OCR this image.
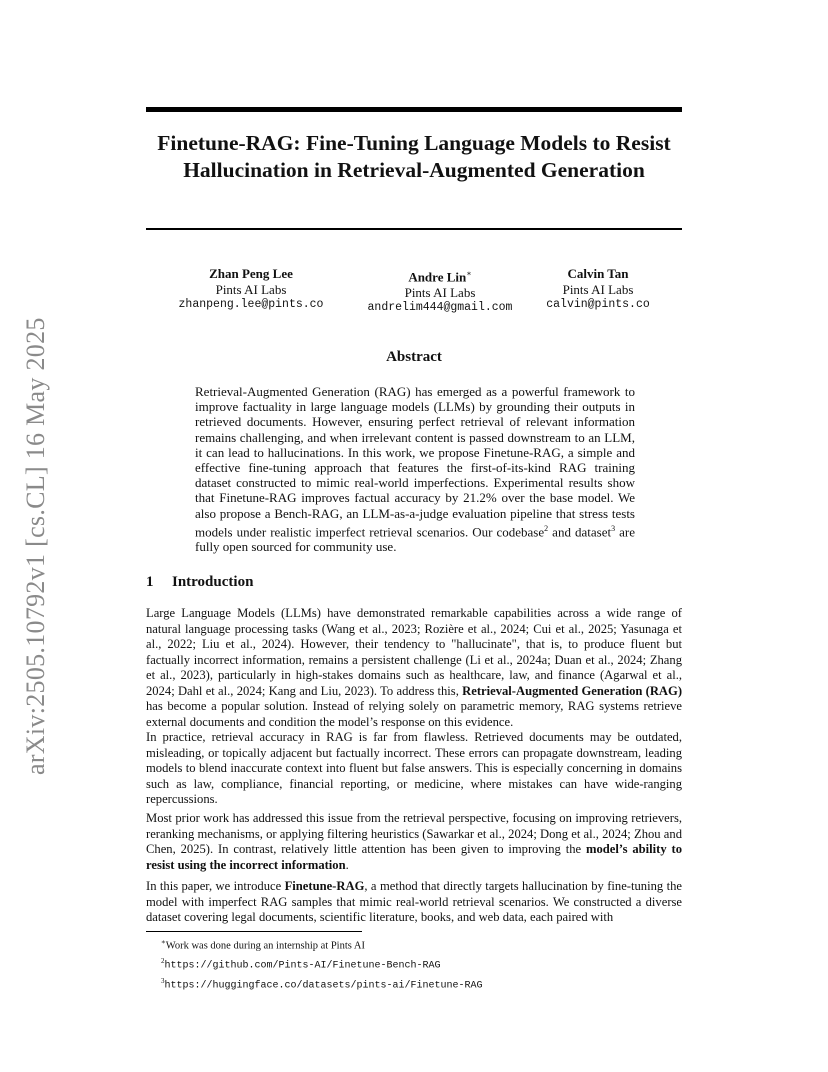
arXiv:2505.10792v1 [cs.CL] 16 May 2025
Finetune-RAG: Fine-Tuning Language Models to Resist Hallucination in Retrieval-Augmented Generation
Zhan Peng Lee
Pints AI Labs
zhanpeng.lee@pints.co
Andre Lin∗
Pints AI Labs
andrelim444@gmail.com
Calvin Tan
Pints AI Labs
calvin@pints.co
Abstract

Retrieval-Augmented Generation (RAG) has emerged as a powerful framework to improve factuality in large language models (LLMs) by grounding their outputs in retrieved documents. However, ensuring perfect retrieval of relevant information remains challenging, and when irrelevant content is passed downstream to an LLM, it can lead to hallucinations. In this work, we propose Finetune-RAG, a simple and effective fine-tuning approach that features the first-of-its-kind RAG training dataset constructed to mimic real-world imperfections. Experimental results show that Finetune-RAG improves factual accuracy by 21.2% over the base model. We also propose a Bench-RAG, an LLM-as-a-judge evaluation pipeline that stress tests models under realistic imperfect retrieval scenarios. Our codebase$^2$ and dataset$^3$ are fully open sourced for community use.

1 Introduction

Large Language Models (LLMs) have demonstrated remarkable capabilities across a wide range of natural language processing tasks (Wang et al., 2023; Rozière et al., 2024; Cui et al., 2025; Yasunaga et al., 2022; Liu et al., 2024). However, their tendency to "hallucinate", that is, to produce fluent but factually incorrect information, remains a persistent challenge (Li et al., 2024a; Duan et al., 2024; Zhang et al., 2023), particularly in high-stakes domains such as healthcare, law, and finance (Agarwal et al., 2024; Dahl et al., 2024; Kang and Liu, 2023). To address this, Retrieval-Augmented Generation (RAG) has become a popular solution. Instead of relying solely on parametric memory, RAG systems retrieve external documents and condition the model’s response on this evidence.

In practice, retrieval accuracy in RAG is far from flawless. Retrieved documents may be outdated, misleading, or topically adjacent but factually incorrect. These errors can propagate downstream, leading models to blend inaccurate context into fluent but false answers. This is especially concerning in domains such as law, compliance, financial reporting, or medicine, where mistakes can have wide-ranging repercussions.

Most prior work has addressed this issue from the retrieval perspective, focusing on improving retrievers, reranking mechanisms, or applying filtering heuristics (Sawarkar et al., 2024; Dong et al., 2024; Zhou and Chen, 2025). In contrast, relatively little attention has been given to improving the model’s ability to resist using the incorrect information.

In this paper, we introduce Finetune-RAG, a method that directly targets hallucination by fine-tuning the model with imperfect RAG samples that mimic real-world retrieval scenarios. We constructed a diverse dataset covering legal documents, scientific literature, books, and web data, each paired with

∗Work was done during an internship at Pints AI
$^2$https://github.com/Pints-AI/Finetune-Bench-RAG
$^3$https://huggingface.co/datasets/pints-ai/Finetune-RAG
